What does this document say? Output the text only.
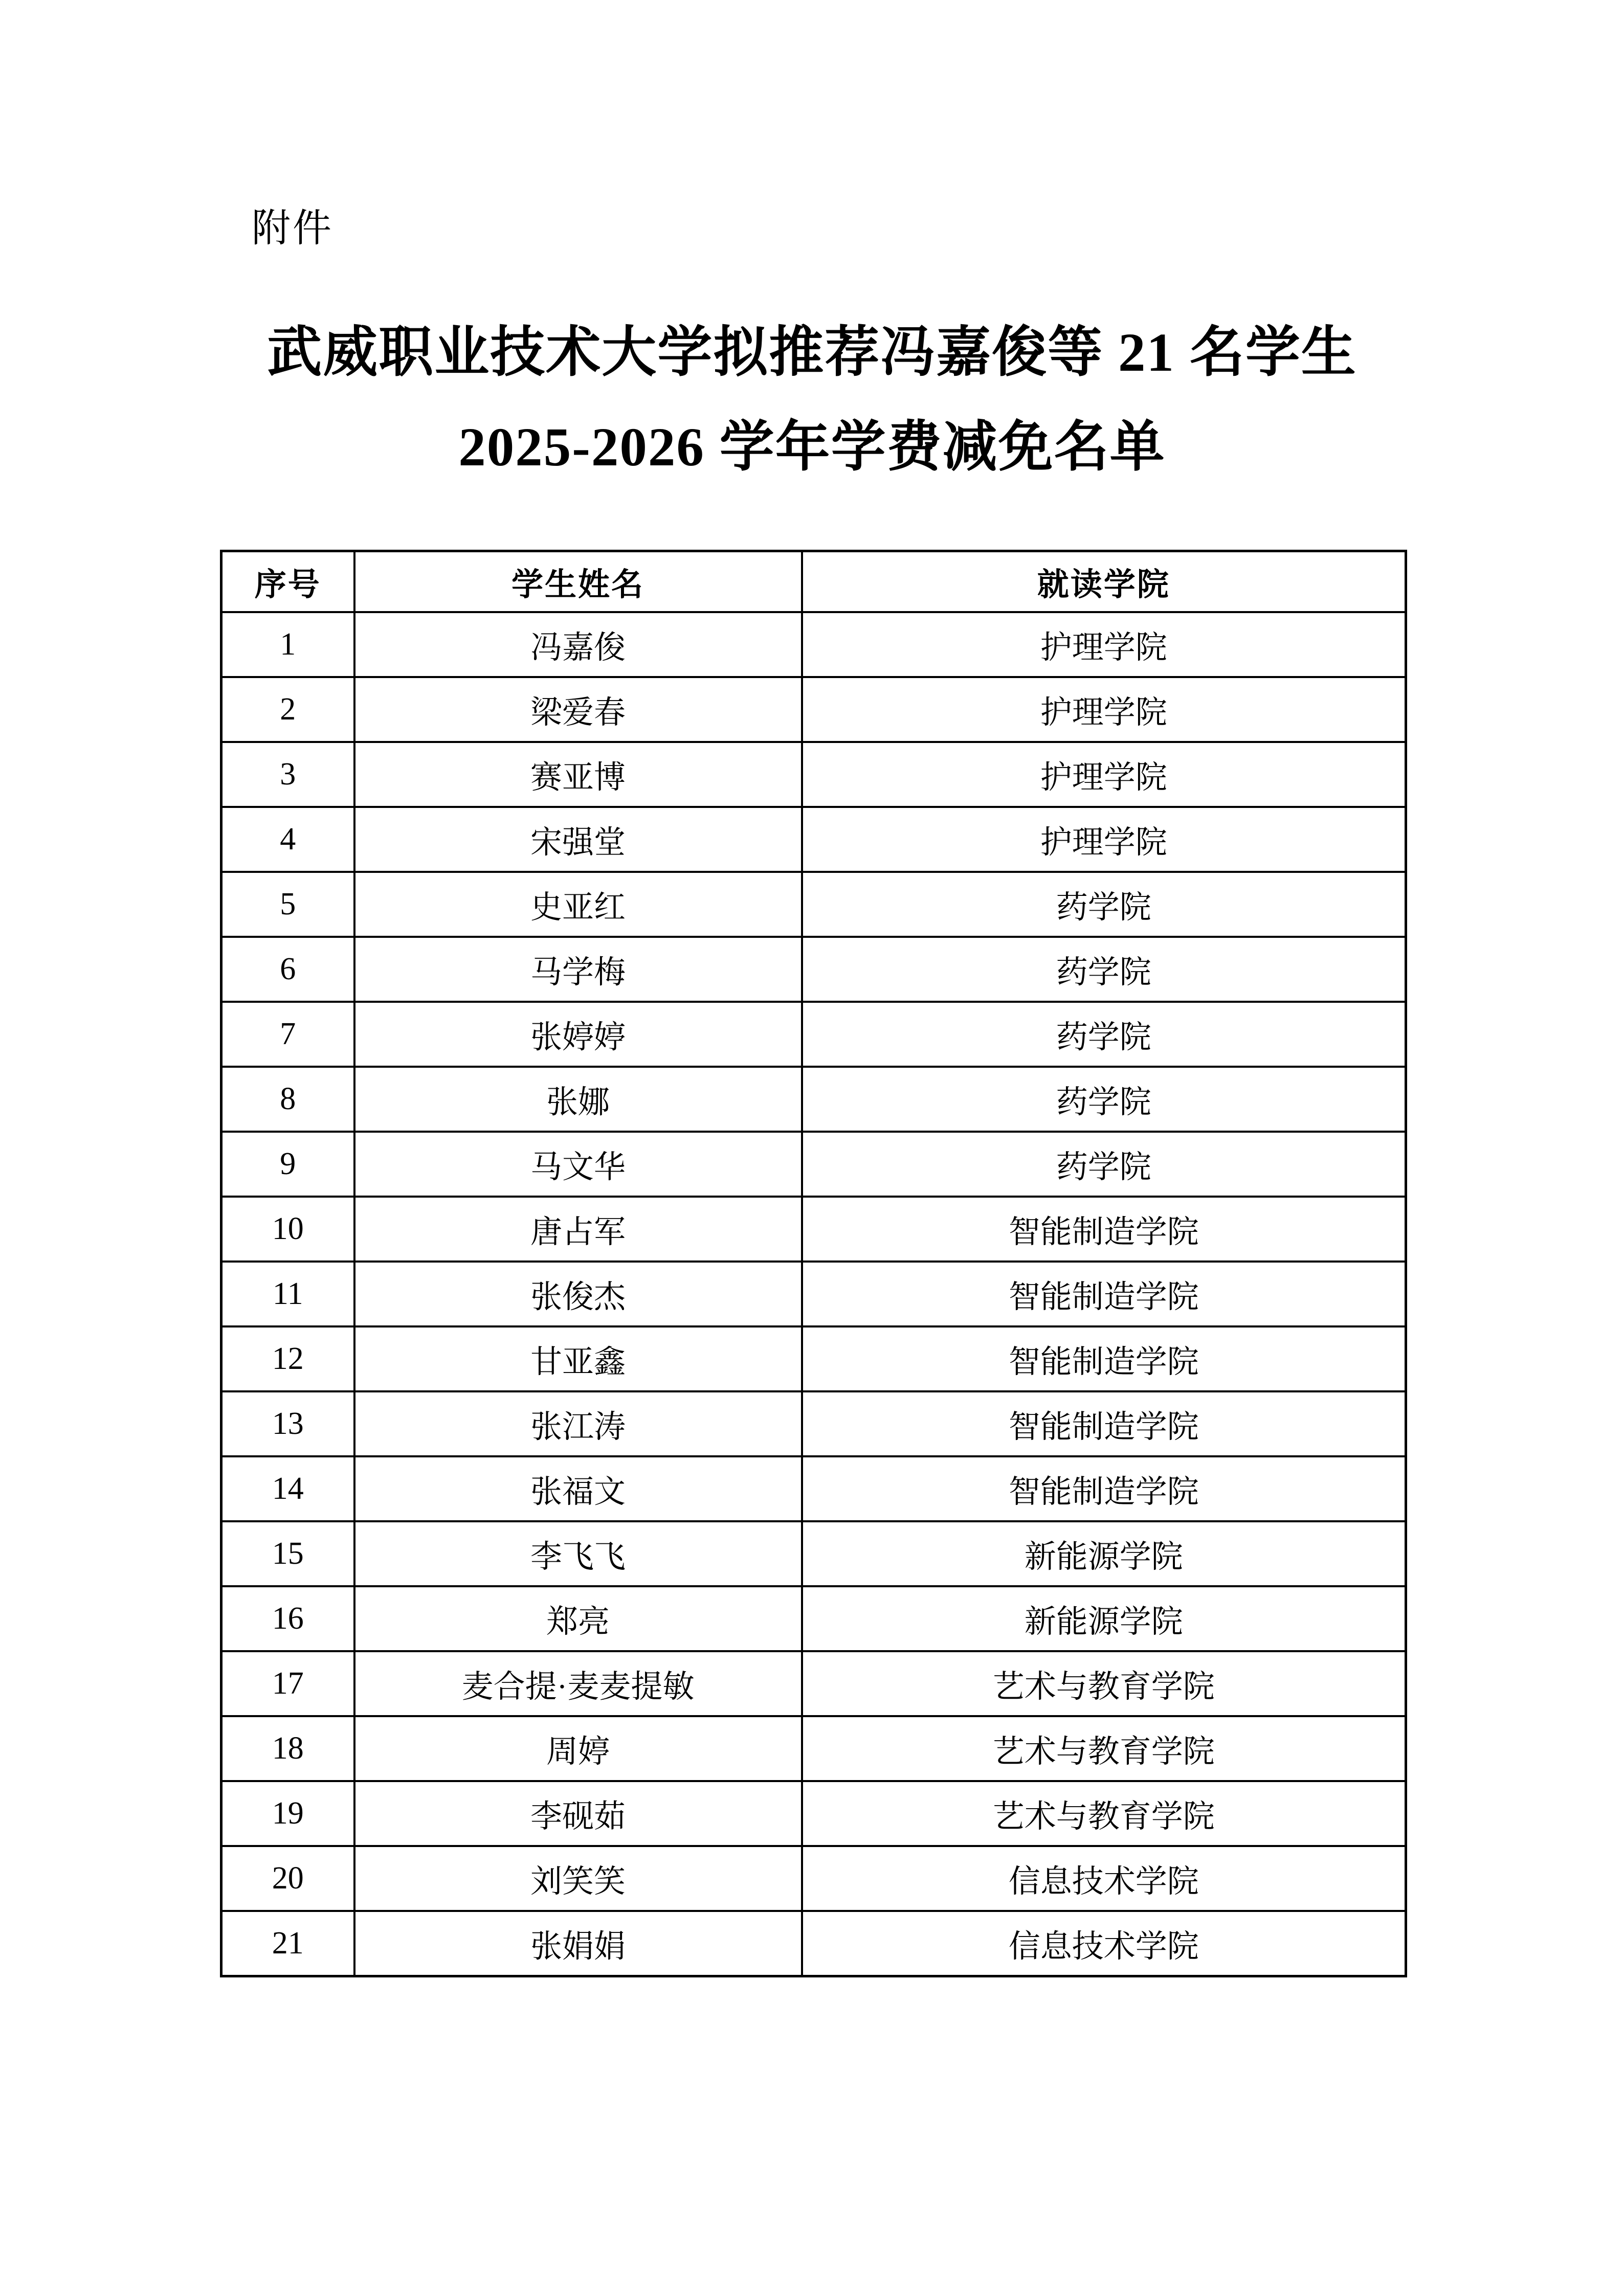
附件
武威职业技术大学拟推荐冯嘉俊等 21 名学生
2025-2026 学年学费减免名单
序号	学生姓名	就读学院
1	冯嘉俊	护理学院
2	梁爱春	护理学院
3	赛亚博	护理学院
4	宋强堂	护理学院
5	史亚红	药学院
6	马学梅	药学院
7	张婷婷	药学院
8	张娜	药学院
9	马文华	药学院
10	唐占军	智能制造学院
11	张俊杰	智能制造学院
12	甘亚鑫	智能制造学院
13	张江涛	智能制造学院
14	张福文	智能制造学院
15	李飞飞	新能源学院
16	郑亮	新能源学院
17	麦合提·麦麦提敏	艺术与教育学院
18	周婷	艺术与教育学院
19	李砚茹	艺术与教育学院
20	刘笑笑	信息技术学院
21	张娟娟	信息技术学院
